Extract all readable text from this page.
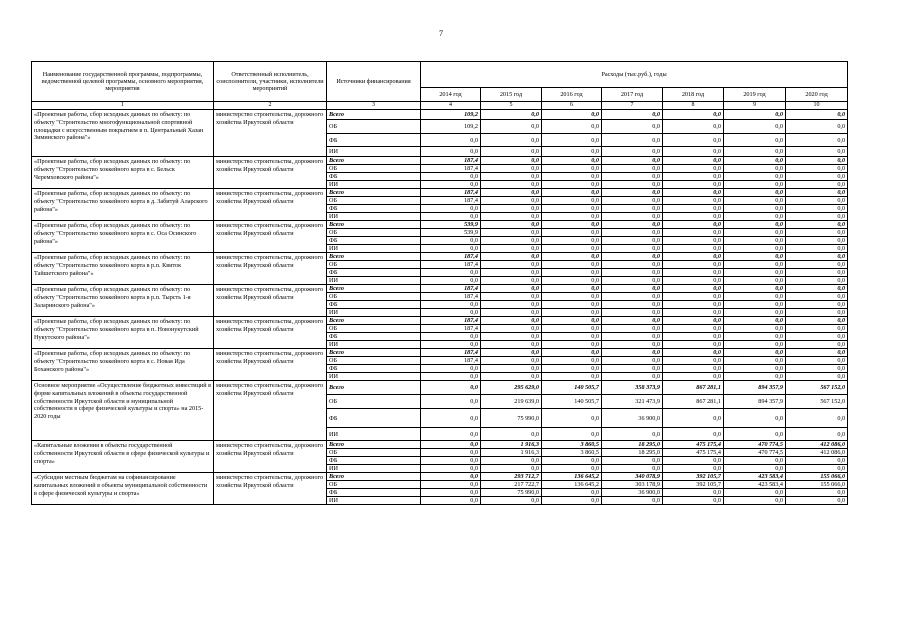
7
Наименование государственной программы, подпрограммы, ведомственной целевой программы, основного мероприятия, мероприятия	Ответственный исполнитель, соисполнители, участники, исполнители мероприятий	Источники финансирования	Расходы (тыс.руб.), годы						
			2014 год	2015 год	2016 год	2017 год	2018 год	2019 год	2020 год
1	2	3	4	5	6	7	8	9	10
«Проектные работы, сбор исходных данных по объекту: по объекту "Строительство многофункциональной спортивной площадки с искусственным покрытием в п. Центральный Хазан Зиминского района"»	министерство строительства, дорожного хозяйства Иркутской области	Всего	109,2	0,0	0,0	0,0	0,0	0,0	0,0
		ОБ	109,2	0,0	0,0	0,0	0,0	0,0	0,0
		ФБ	0,0	0,0	0,0	0,0	0,0	0,0	0,0
		ИИ	0,0	0,0	0,0	0,0	0,0	0,0	0,0
«Проектные работы, сбор исходных данных по объекту: по объекту "Строительство хоккейного корта в с. Бельск Черемховского района"»	министерство строительства, дорожного хозяйства Иркутской области	Всего	187,4	0,0	0,0	0,0	0,0	0,0	0,0
		ОБ	187,4	0,0	0,0	0,0	0,0	0,0	0,0
		ФБ	0,0	0,0	0,0	0,0	0,0	0,0	0,0
		ИИ	0,0	0,0	0,0	0,0	0,0	0,0	0,0
«Проектные работы, сбор исходных данных по объекту: по объекту "Строительство хоккейного корта в д. Забитуй Аларского района"»	министерство строительства, дорожного хозяйства Иркутской области	Всего	187,4	0,0	0,0	0,0	0,0	0,0	0,0
		ОБ	187,4	0,0	0,0	0,0	0,0	0,0	0,0
		ФБ	0,0	0,0	0,0	0,0	0,0	0,0	0,0
		ИИ	0,0	0,0	0,0	0,0	0,0	0,0	0,0
«Проектные работы, сбор исходных данных по объекту: по объекту "Строительство хоккейного корта в с. Оса Осинского района"»	министерство строительства, дорожного хозяйства Иркутской области	Всего	539,9	0,0	0,0	0,0	0,0	0,0	0,0
		ОБ	539,9	0,0	0,0	0,0	0,0	0,0	0,0
		ФБ	0,0	0,0	0,0	0,0	0,0	0,0	0,0
		ИИ	0,0	0,0	0,0	0,0	0,0	0,0	0,0
«Проектные работы, сбор исходных данных по объекту: по объекту "Строительство хоккейного корта в р.п. Квиток Тайшетского района"»	министерство строительства, дорожного хозяйства Иркутской области	Всего	187,4	0,0	0,0	0,0	0,0	0,0	0,0
		ОБ	187,4	0,0	0,0	0,0	0,0	0,0	0,0
		ФБ	0,0	0,0	0,0	0,0	0,0	0,0	0,0
		ИИ	0,0	0,0	0,0	0,0	0,0	0,0	0,0
«Проектные работы, сбор исходных данных по объекту: по объекту "Строительство хоккейного корта в р.п. Тырсть 1-я Заларинского района"»	министерство строительства, дорожного хозяйства Иркутской области	Всего	187,4	0,0	0,0	0,0	0,0	0,0	0,0
		ОБ	187,4	0,0	0,0	0,0	0,0	0,0	0,0
		ФБ	0,0	0,0	0,0	0,0	0,0	0,0	0,0
		ИИ	0,0	0,0	0,0	0,0	0,0	0,0	0,0
«Проектные работы, сбор исходных данных по объекту: по объекту "Строительство хоккейного корта в п. Новонукутский Нукутского района"»	министерство строительства, дорожного хозяйства Иркутской области	Всего	187,4	0,0	0,0	0,0	0,0	0,0	0,0
		ОБ	187,4	0,0	0,0	0,0	0,0	0,0	0,0
		ФБ	0,0	0,0	0,0	0,0	0,0	0,0	0,0
		ИИ	0,0	0,0	0,0	0,0	0,0	0,0	0,0
«Проектные работы, сбор исходных данных по объекту: по объекту "Строительство хоккейного корта в с. Новая Ида Боханского района"»	министерство строительства, дорожного хозяйства Иркутской области	Всего	187,4	0,0	0,0	0,0	0,0	0,0	0,0
		ОБ	187,4	0,0	0,0	0,0	0,0	0,0	0,0
		ФБ	0,0	0,0	0,0	0,0	0,0	0,0	0,0
		ИИ	0,0	0,0	0,0	0,0	0,0	0,0	0,0
Основное мероприятие «Осуществление бюджетных инвестиций в форме капитальных вложений в объекты государственной собственности Иркутской области и муниципальной собственности в сфере физической культуры и спорта» на 2015-2020 годы	министерство строительства, дорожного хозяйства Иркутской области	Всего	0,0	295 629,0	140 505,7	358 373,9	867 281,1	894 357,9	567 152,0
		ОБ	0,0	219 639,0	140 505,7	321 473,9	867 281,1	894 357,9	567 152,0
		ФБ	0,0	75 990,0	0,0	36 900,0	0,0	0,0	0,0
		ИИ	0,0	0,0	0,0	0,0	0,0	0,0	0,0
«Капитальные вложения в объекты государственной собственности Иркутской области в сфере физической культуры и спорта»	министерство строительства, дорожного хозяйства Иркутской области	Всего	0,0	1 916,3	3 860,5	18 295,0	475 175,4	470 774,5	412 086,0
		ОБ	0,0	1 916,3	3 860,5	18 295,0	475 175,4	470 774,5	412 086,0
		ФБ	0,0	0,0	0,0	0,0	0,0	0,0	0,0
		ИИ	0,0	0,0	0,0	0,0	0,0	0,0	0,0
«Субсидии местным бюджетам на софинансирование капитальных вложений в объекты муниципальной собственности в сфере физической культуры и спорта»	министерство строительства, дорожного хозяйства Иркутской области	Всего	0,0	293 712,7	136 645,2	340 078,9	392 105,7	423 583,4	155 066,0
		ОБ	0,0	217 722,7	136 645,2	303 178,9	392 105,7	423 583,4	155 066,0
		ФБ	0,0	75 990,0	0,0	36 900,0	0,0	0,0	0,0
		ИИ	0,0	0,0	0,0	0,0	0,0	0,0	0,0
